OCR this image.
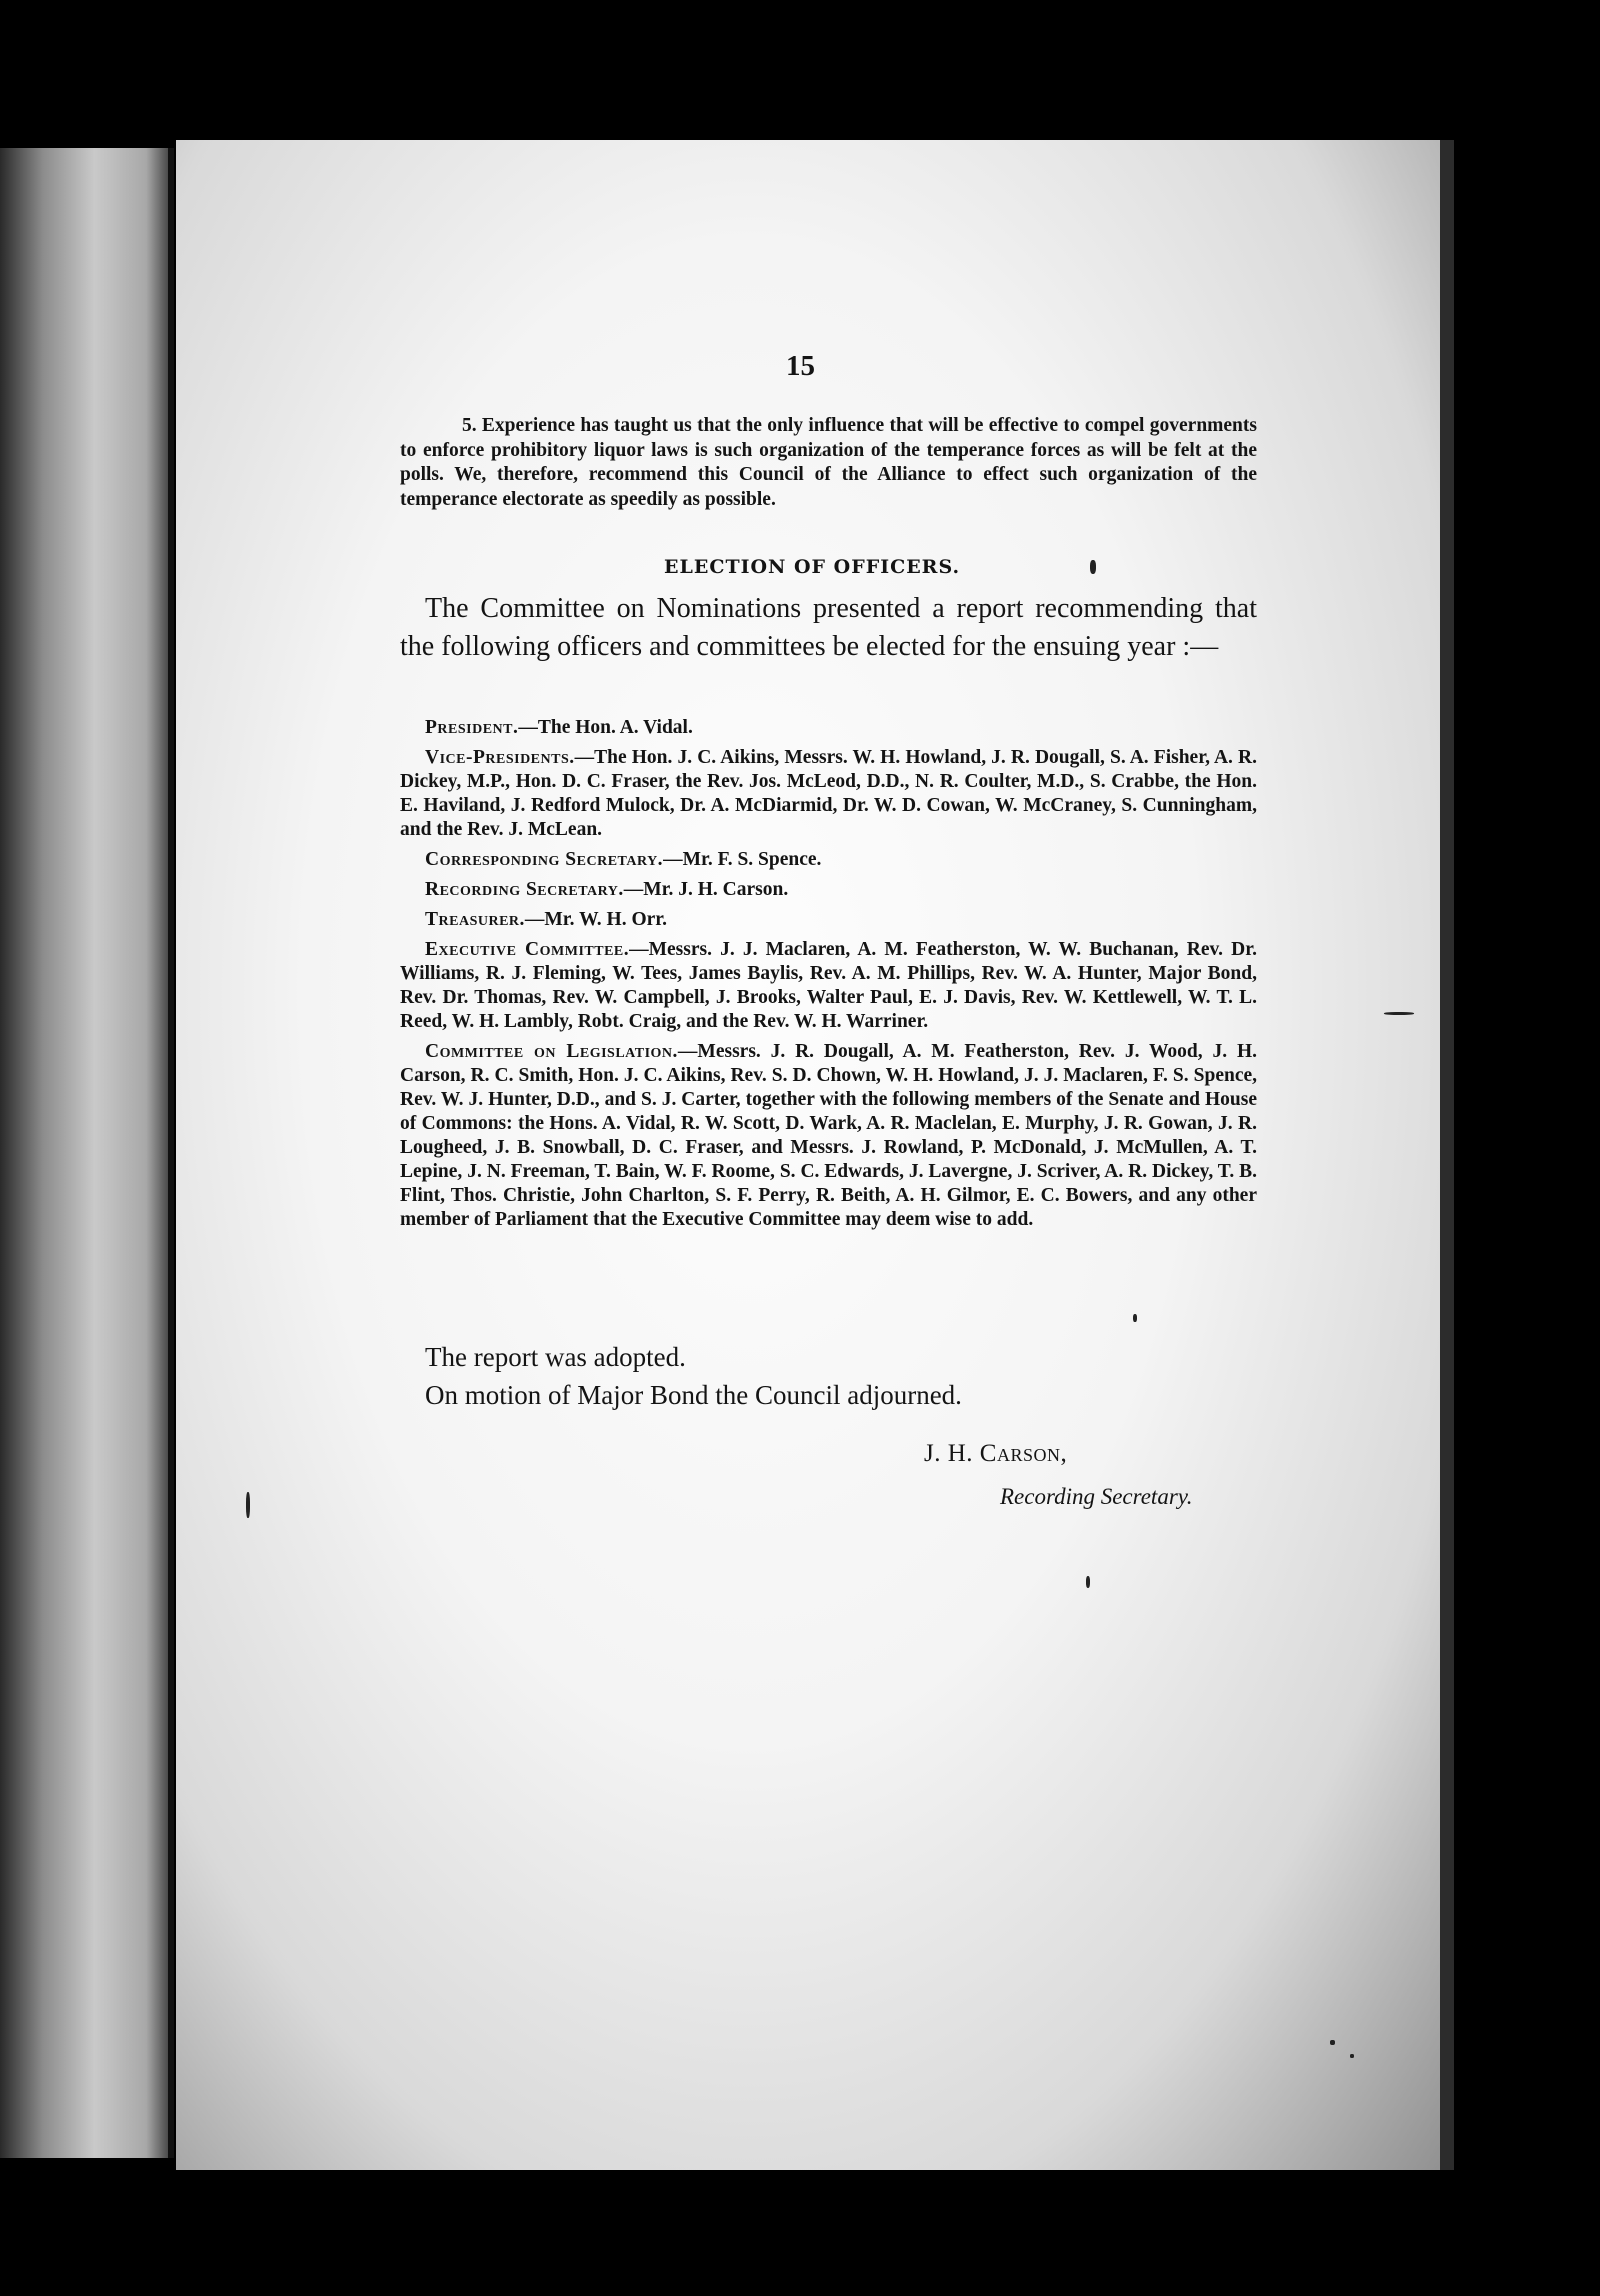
15

5. Experience has taught us that the only influence that will be effective to compel governments to enforce prohibitory liquor laws is such organization of the temperance forces as will be felt at the polls. We, therefore, recommend this Council of the Alliance to effect such organization of the temperance electorate as speedily as possible.

ELECTION OF OFFICERS.

The Committee on Nominations presented a report recommending that the following officers and committees be elected for the ensuing year :—

President.—The Hon. A. Vidal.

Vice-Presidents.—The Hon. J. C. Aikins, Messrs. W. H. Howland, J. R. Dougall, S. A. Fisher, A. R. Dickey, M.P., Hon. D. C. Fraser, the Rev. Jos. McLeod, D.D., N. R. Coulter, M.D., S. Crabbe, the Hon. E. Haviland, J. Redford Mulock, Dr. A. McDiarmid, Dr. W. D. Cowan, W. McCraney, S. Cunningham, and the Rev. J. McLean.

Corresponding Secretary.—Mr. F. S. Spence.

Recording Secretary.—Mr. J. H. Carson.

Treasurer.—Mr. W. H. Orr.

Executive Committee.—Messrs. J. J. Maclaren, A. M. Featherston, W. W. Buchanan, Rev. Dr. Williams, R. J. Fleming, W. Tees, James Baylis, Rev. A. M. Phillips, Rev. W. A. Hunter, Major Bond, Rev. Dr. Thomas, Rev. W. Campbell, J. Brooks, Walter Paul, E. J. Davis, Rev. W. Kettlewell, W. T. L. Reed, W. H. Lambly, Robt. Craig, and the Rev. W. H. Warriner.

Committee on Legislation.—Messrs. J. R. Dougall, A. M. Featherston, Rev. J. Wood, J. H. Carson, R. C. Smith, Hon. J. C. Aikins, Rev. S. D. Chown, W. H. Howland, J. J. Maclaren, F. S. Spence, Rev. W. J. Hunter, D.D., and S. J. Carter, together with the following members of the Senate and House of Commons: the Hons. A. Vidal, R. W. Scott, D. Wark, A. R. Maclelan, E. Murphy, J. R. Gowan, J. R. Lougheed, J. B. Snowball, D. C. Fraser, and Messrs. J. Rowland, P. McDonald, J. McMullen, A. T. Lepine, J. N. Freeman, T. Bain, W. F. Roome, S. C. Edwards, J. Lavergne, J. Scriver, A. R. Dickey, T. B. Flint, Thos. Christie, John Charlton, S. F. Perry, R. Beith, A. H. Gilmor, E. C. Bowers, and any other member of Parliament that the Executive Committee may deem wise to add.

The report was adopted.

On motion of Major Bond the Council adjourned.

J. H. Carson,
Recording Secretary.
